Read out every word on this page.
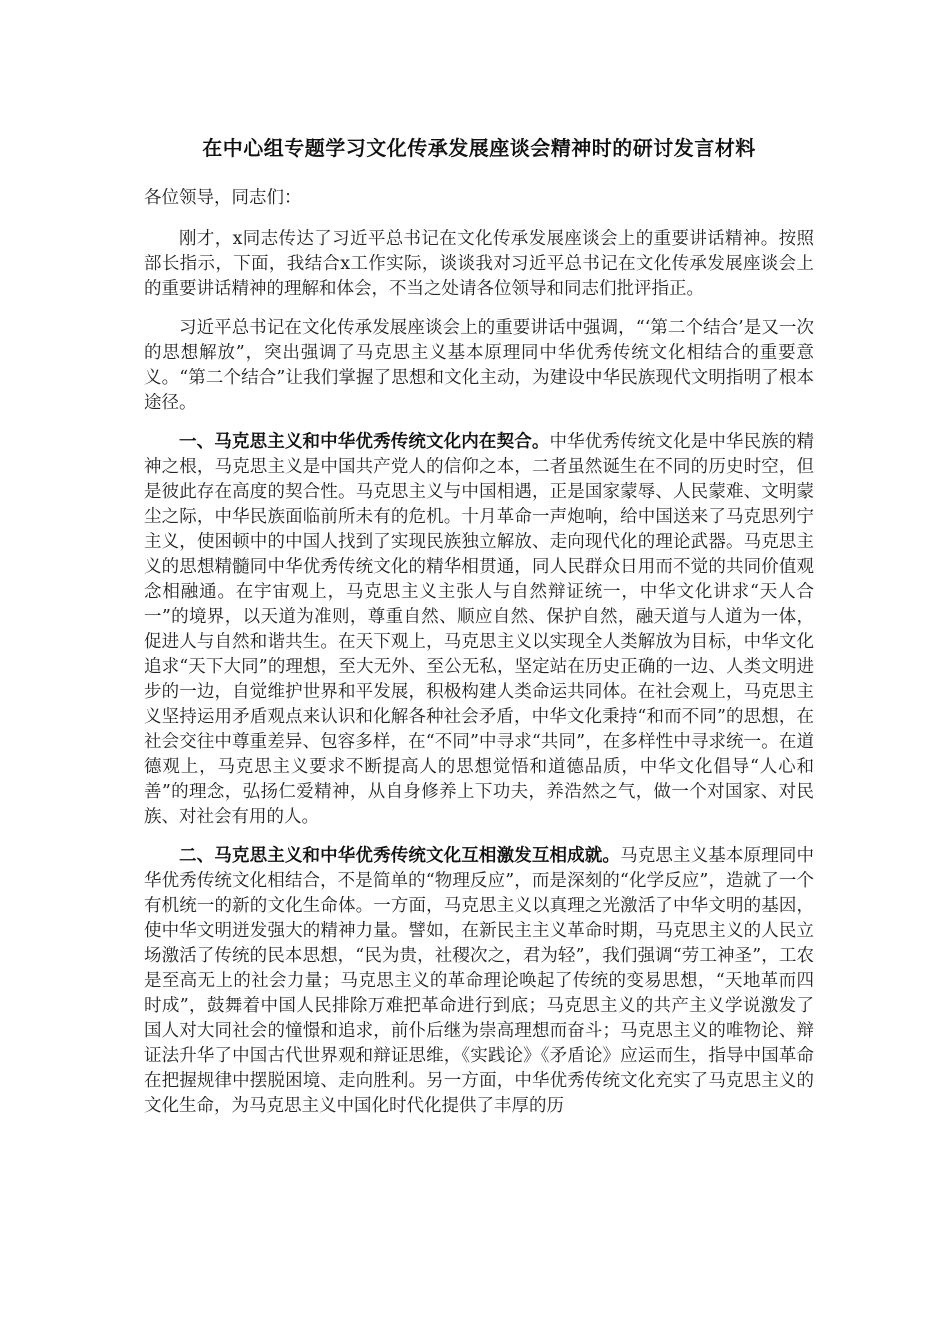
在中心组专题学习文化传承发展座谈会精神时的研讨发言材料
各位领导，同志们：

刚才，x同志传达了习近平总书记在文化传承发展座谈会上的重要讲话精神。按照部长指示，下面，我结合x工作实际，谈谈我对习近平总书记在文化传承发展座谈会上的重要讲话精神的理解和体会，不当之处请各位领导和同志们批评指正。

习近平总书记在文化传承发展座谈会上的重要讲话中强调，“‘第二个结合’是又一次的思想解放”，突出强调了马克思主义基本原理同中华优秀传统文化相结合的重要意义。“第二个结合”让我们掌握了思想和文化主动，为建设中华民族现代文明指明了根本途径。

一、马克思主义和中华优秀传统文化内在契合。中华优秀传统文化是中华民族的精神之根，马克思主义是中国共产党人的信仰之本，二者虽然诞生在不同的历史时空，但是彼此存在高度的契合性。马克思主义与中国相遇，正是国家蒙辱、人民蒙难、文明蒙尘之际，中华民族面临前所未有的危机。十月革命一声炮响，给中国送来了马克思列宁主义，使困顿中的中国人找到了实现民族独立解放、走向现代化的理论武器。马克思主义的思想精髓同中华优秀传统文化的精华相贯通，同人民群众日用而不觉的共同价值观念相融通。在宇宙观上，马克思主义主张人与自然辩证统一，中华文化讲求“天人合一”的境界，以天道为准则，尊重自然、顺应自然、保护自然，融天道与人道为一体，促进人与自然和谐共生。在天下观上，马克思主义以实现全人类解放为目标，中华文化追求“天下大同”的理想，至大无外、至公无私，坚定站在历史正确的一边、人类文明进步的一边，自觉维护世界和平发展，积极构建人类命运共同体。在社会观上，马克思主义坚持运用矛盾观点来认识和化解各种社会矛盾，中华文化秉持“和而不同”的思想，在社会交往中尊重差异、包容多样，在“不同”中寻求“共同”，在多样性中寻求统一。在道德观上，马克思主义要求不断提高人的思想觉悟和道德品质，中华文化倡导“人心和善”的理念，弘扬仁爱精神，从自身修养上下功夫，养浩然之气，做一个对国家、对民族、对社会有用的人。

二、马克思主义和中华优秀传统文化互相激发互相成就。马克思主义基本原理同中华优秀传统文化相结合，不是简单的“物理反应”，而是深刻的“化学反应”，造就了一个有机统一的新的文化生命体。一方面，马克思主义以真理之光激活了中华文明的基因，使中华文明迸发强大的精神力量。譬如，在新民主主义革命时期，马克思主义的人民立场激活了传统的民本思想，“民为贵，社稷次之，君为轻”，我们强调“劳工神圣”，工农是至高无上的社会力量；马克思主义的革命理论唤起了传统的变易思想，“天地革而四时成”，鼓舞着中国人民排除万难把革命进行到底；马克思主义的共产主义学说激发了国人对大同社会的憧憬和追求，前仆后继为崇高理想而奋斗；马克思主义的唯物论、辩证法升华了中国古代世界观和辩证思维，《实践论》《矛盾论》应运而生，指导中国革命在把握规律中摆脱困境、走向胜利。另一方面，中华优秀传统文化充实了马克思主义的文化生命，为马克思主义中国化时代化提供了丰厚的历
